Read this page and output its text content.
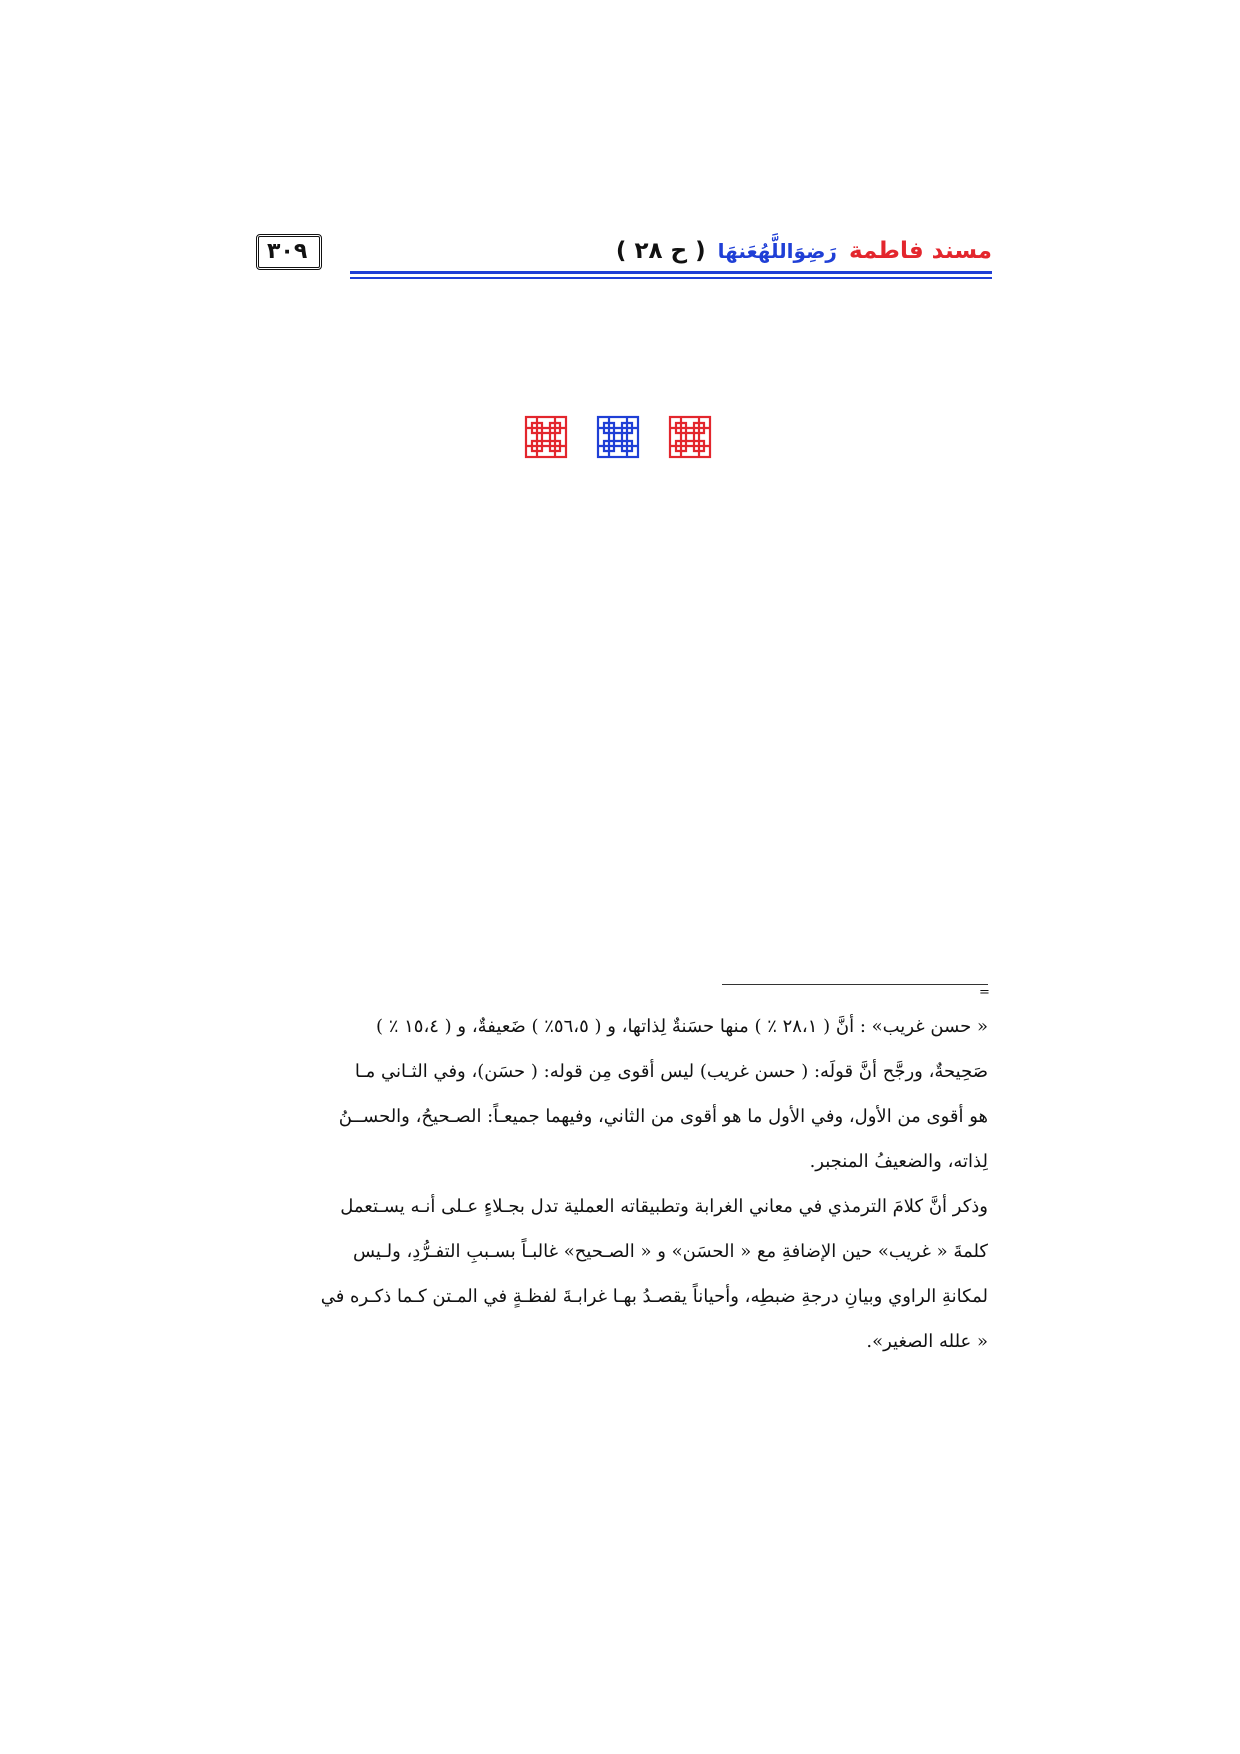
مسند فاطمة رَضِوَاللَّهُعَنهَا ( ح ٢٨ )
٣٠٩
=

« حسن غريب» : أنَّ ( ٢٨،١ ٪ ) منها حسَنةٌ لِذاتها، و ( ٥٦،٥٪ ) ضَعيفةٌ، و ( ١٥،٤ ٪ )
صَحِيحةٌ، ورجَّح أنَّ قولَه: ( حسن غريب) ليس أقوى مِن قوله: ( حسَن)، وفي الثـاني مـا
هو أقوى من الأول، وفي الأول ما هو أقوى من الثاني، وفيهما جميعـاً: الصـحيحُ، والحســنُ
لِذاته، والضعيفُ المنجبر.

وذكر أنَّ كلامَ الترمذي في معاني الغرابة وتطبيقاته العملية تدل بجـلاءٍ عـلى أنـه يسـتعمل
كلمةَ « غريب» حين الإضافةِ مع « الحسَن» و « الصـحيح» غالبـاً بسـببِ التفـرُّدِ، ولـيس
لمكانةِ الراوي وبيانِ درجةِ ضبطِه، وأحياناً يقصـدُ بهـا غرابـةَ لفظـةٍ في المـتن كـما ذكـره في
« علله الصغير».
